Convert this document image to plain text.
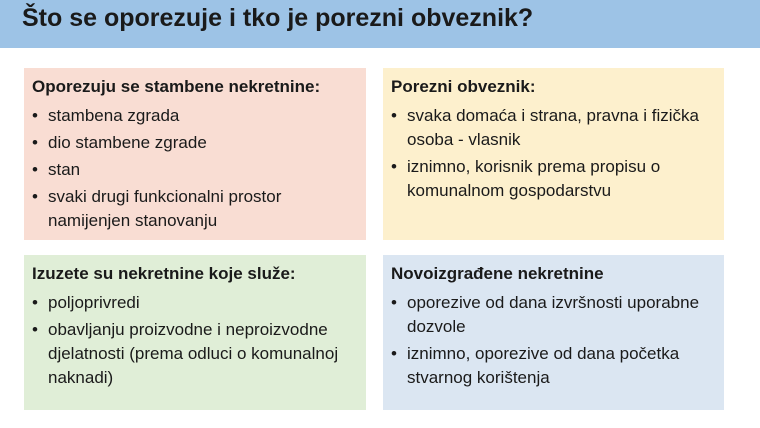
Što se oporezuje i tko je porezni obveznik?
Oporezuju se stambene nekretnine:
• stambena zgrada
• dio stambene zgrade
• stan
• svaki drugi funkcionalni prostor namijenjen stanovanju
Porezni obveznik:
• svaka domaća i strana, pravna i fizička osoba - vlasnik
• iznimno, korisnik prema propisu o komunalnom gospodarstvu
Izuzete su nekretnine koje služe:
• poljoprivredi
• obavljanju proizvodne i neproizvodne djelatnosti (prema odluci o komunalnoj naknadi)
Novoizgrađene nekretnine
• oporezive od dana izvršnosti uporabne dozvole
• iznimno, oporezive od dana početka stvarnog korištenja
